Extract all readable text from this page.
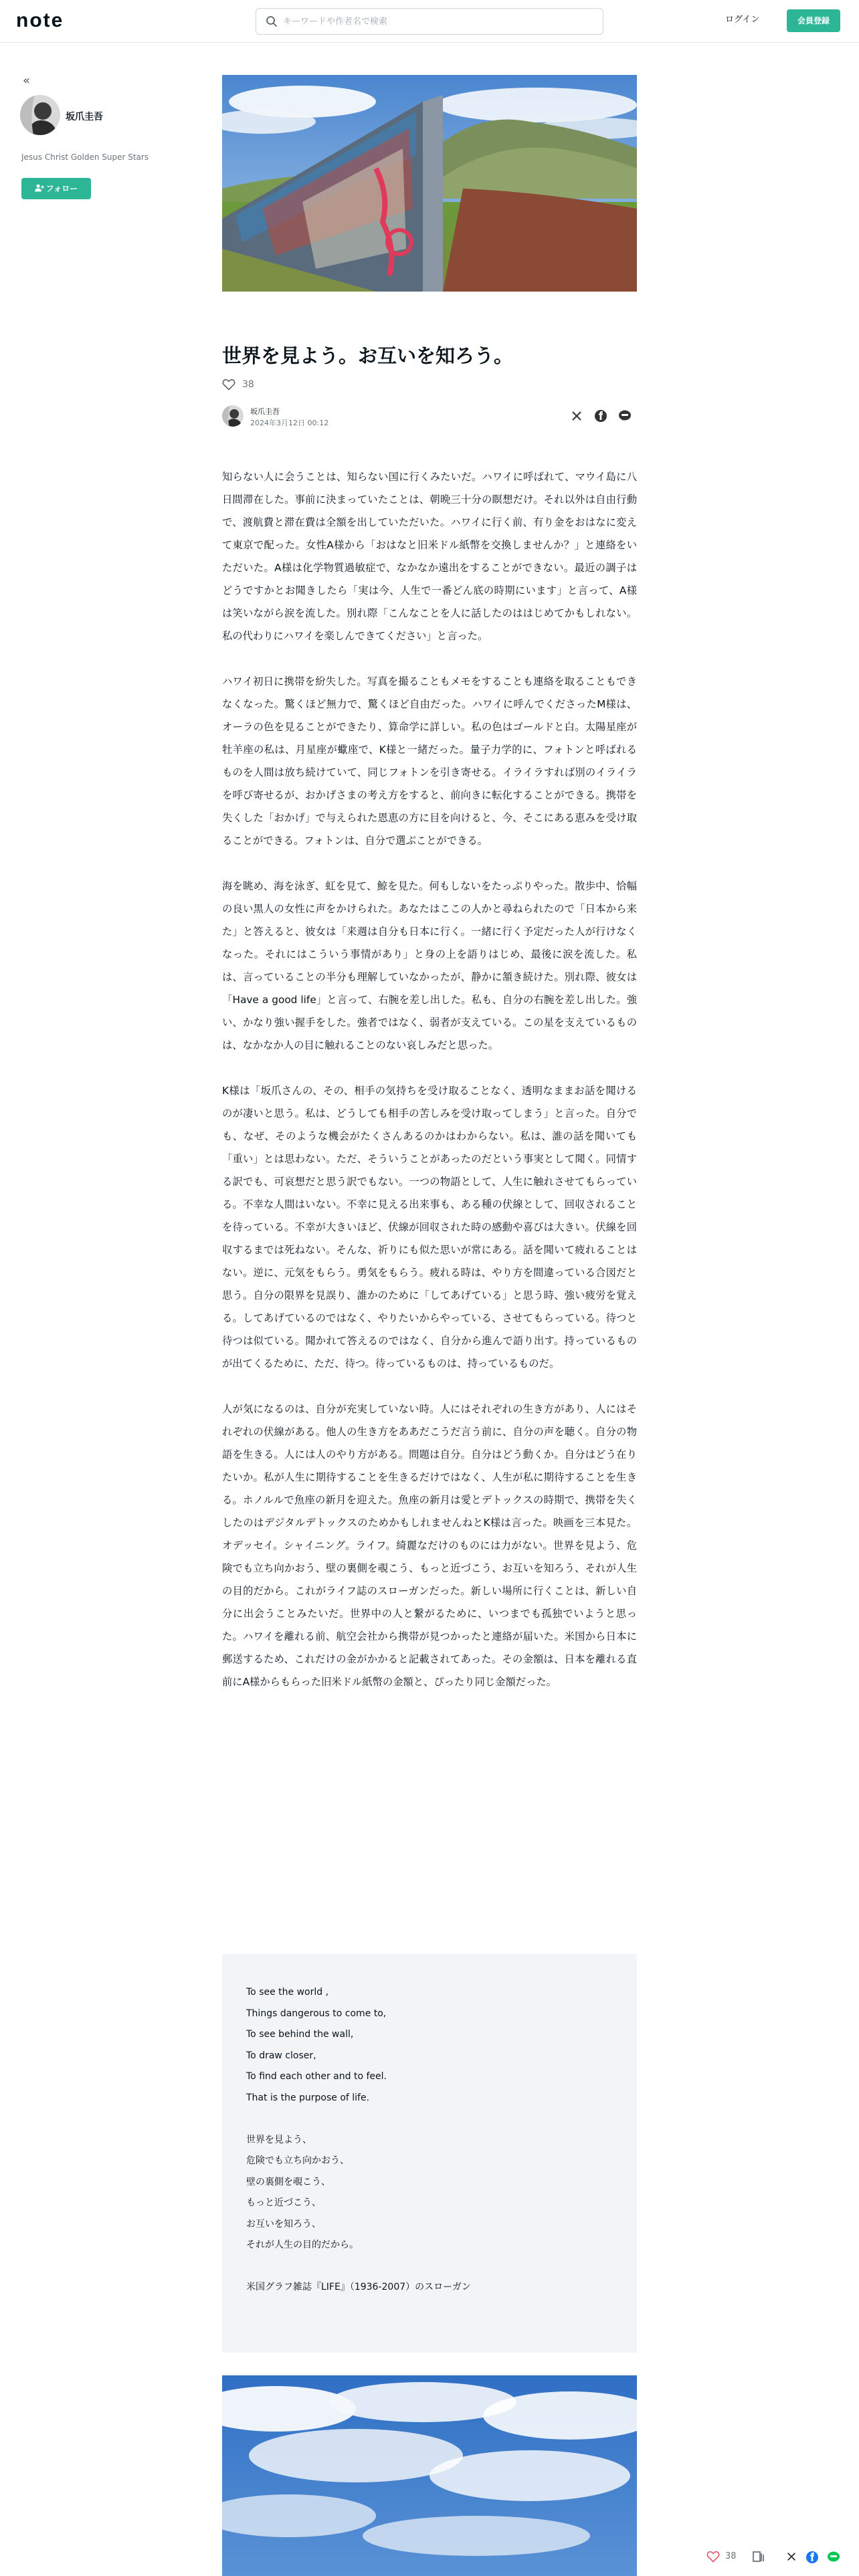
note
キーワードや作者名で検索	ログイン	会員登録
«
坂爪圭吾
Jesus Christ Golden Super Stars
フォロー
世界を見よう。お互いを知ろう。
38
坂爪圭吾
2024年3月12日 00:12

知らない人に会うことは、知らない国に行くみたいだ。ハワイに呼ばれて、マウイ島に八日間滞在した。事前に決まっていたことは、朝晩三十分の瞑想だけ。それ以外は自由行動で、渡航費と滞在費は全額を出していただいた。ハワイに行く前、有り金をおはなに変えて東京で配った。女性A様から「おはなと旧米ドル紙幣を交換しませんか？」と連絡をいただいた。A様は化学物質過敏症で、なかなか遠出をすることができない。最近の調子はどうですかとお聞きしたら「実は今、人生で一番どん底の時期にいます」と言って、A様は笑いながら涙を流した。別れ際「こんなことを人に話したのははじめてかもしれない。私の代わりにハワイを楽しんできてください」と言った。

ハワイ初日に携帯を紛失した。写真を撮ることもメモをすることも連絡を取ることもできなくなった。驚くほど無力で、驚くほど自由だった。ハワイに呼んでくださったM様は、オーラの色を見ることができたり、算命学に詳しい。私の色はゴールドと白。太陽星座が牡羊座の私は、月星座が蠍座で、K様と一緒だった。量子力学的に、フォトンと呼ばれるものを人間は放ち続けていて、同じフォトンを引き寄せる。イライラすれば別のイライラを呼び寄せるが、おかげさまの考え方をすると、前向きに転化することができる。携帯を失くした「おかげ」で与えられた恩恵の方に目を向けると、今、そこにある恵みを受け取ることができる。フォトンは、自分で選ぶことができる。

海を眺め、海を泳ぎ、虹を見て、鯨を見た。何もしないをたっぷりやった。散歩中、恰幅の良い黒人の女性に声をかけられた。あなたはここの人かと尋ねられたので「日本から来た」と答えると、彼女は「来週は自分も日本に行く。一緒に行く予定だった人が行けなくなった。それにはこういう事情があり」と身の上を語りはじめ、最後に涙を流した。私は、言っていることの半分も理解していなかったが、静かに頷き続けた。別れ際、彼女は「Have a good life」と言って、右腕を差し出した。私も、自分の右腕を差し出した。強い、かなり強い握手をした。強者ではなく、弱者が支えている。この星を支えているものは、なかなか人の目に触れることのない哀しみだと思った。

K様は「坂爪さんの、その、相手の気持ちを受け取ることなく、透明なままお話を聞けるのが凄いと思う。私は、どうしても相手の苦しみを受け取ってしまう」と言った。自分でも、なぜ、そのような機会がたくさんあるのかはわからない。私は、誰の話を聞いても「重い」とは思わない。ただ、そういうことがあったのだという事実として聞く。同情する訳でも、可哀想だと思う訳でもない。一つの物語として、人生に触れさせてもらっている。不幸な人間はいない。不幸に見える出来事も、ある種の伏線として、回収されることを待っている。不幸が大きいほど、伏線が回収された時の感動や喜びは大きい。伏線を回収するまでは死ねない。そんな、祈りにも似た思いが常にある。話を聞いて疲れることはない。逆に、元気をもらう。勇気をもらう。疲れる時は、やり方を間違っている合図だと思う。自分の限界を見誤り、誰かのために「してあげている」と思う時、強い疲労を覚える。してあげているのではなく、やりたいからやっている、させてもらっている。待つと待つは似ている。聞かれて答えるのではなく、自分から進んで語り出す。持っているものが出てくるために、ただ、待つ。待っているものは、持っているものだ。

人が気になるのは、自分が充実していない時。人にはそれぞれの生き方があり、人にはそれぞれの伏線がある。他人の生き方をああだこうだ言う前に、自分の声を聴く。自分の物語を生きる。人には人のやり方がある。問題は自分。自分はどう動くか。自分はどう在りたいか。私が人生に期待することを生きるだけではなく、人生が私に期待することを生きる。ホノルルで魚座の新月を迎えた。魚座の新月は愛とデトックスの時期で、携帯を失くしたのはデジタルデトックスのためかもしれませんねとK様は言った。映画を三本見た。オデッセイ。シャイニング。ライフ。綺麗なだけのものには力がない。世界を見よう、危険でも立ち向かおう、壁の裏側を覗こう、もっと近づこう、お互いを知ろう、それが人生の目的だから。これがライフ誌のスローガンだった。新しい場所に行くことは、新しい自分に出会うことみたいだ。世界中の人と繋がるために、いつまでも孤独でいようと思った。ハワイを離れる前、航空会社から携帯が見つかったと連絡が届いた。米国から日本に郵送するため、これだけの金がかかると記載されてあった。その金額は、日本を離れる直前にA様からもらった旧米ドル紙幣の金額と、ぴったり同じ金額だった。

To see the world ,
Things dangerous to come to,
To see behind the wall,
To draw closer,
To find each other and to feel.
That is the purpose of life.
世界を見よう、
危険でも立ち向かおう、
壁の裏側を覗こう、
もっと近づこう、
お互いを知ろう、
それが人生の目的だから。
米国グラフ雑誌『LIFE』（1936-2007）のスローガン
38
